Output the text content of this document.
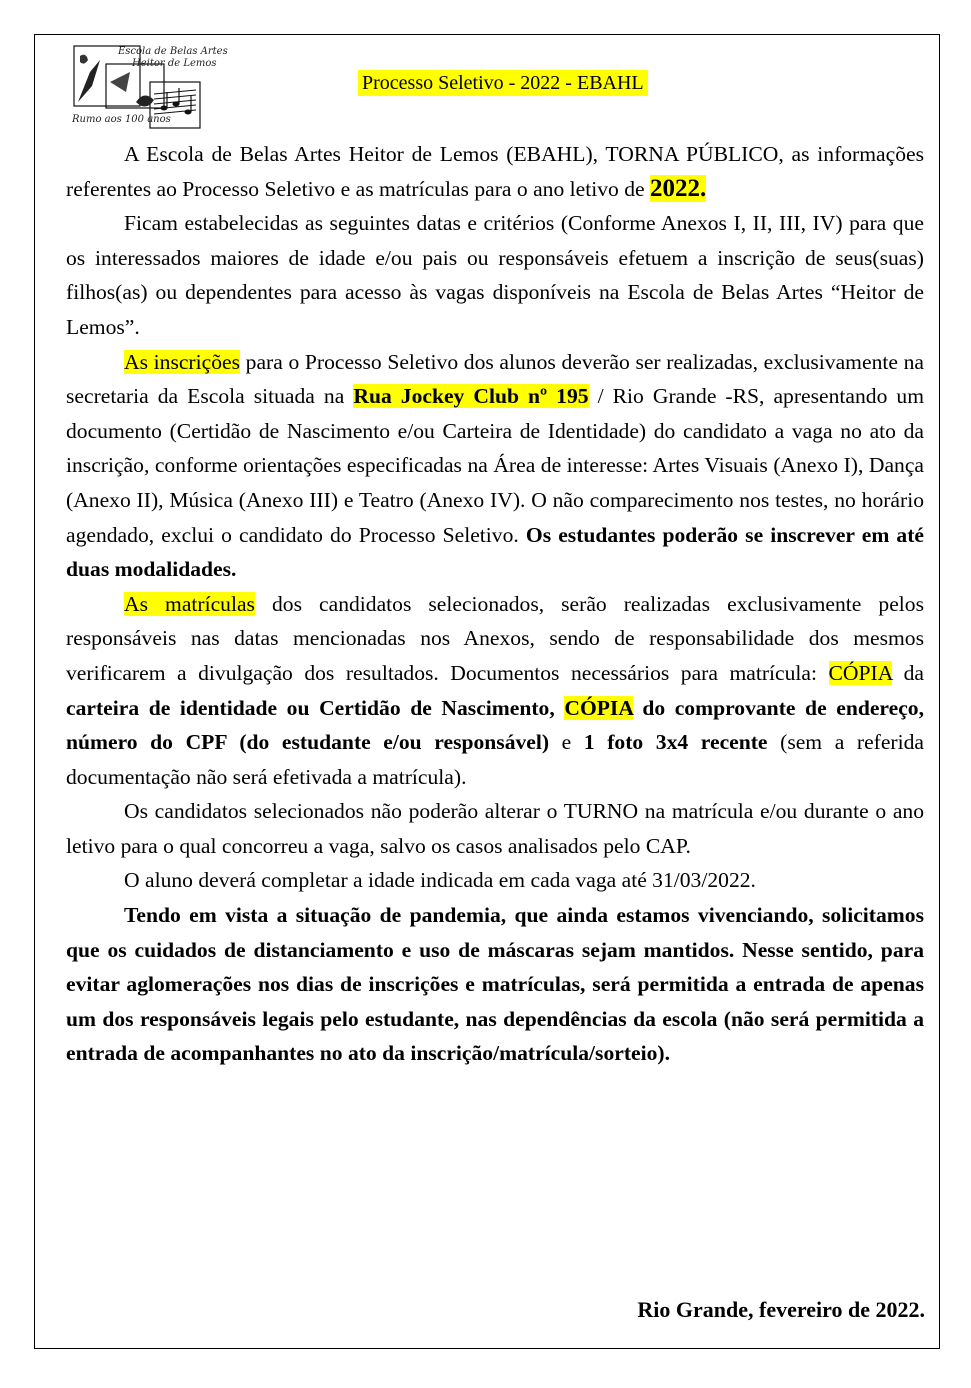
Escola de Belas Artes
Heitor de Lemos
Rumo aos 100 anos
Processo Seletivo - 2022 - EBAHL

A Escola de Belas Artes Heitor de Lemos (EBAHL), TORNA PÚBLICO, as informações referentes ao Processo Seletivo e as matrículas para o ano letivo de 2022.

Ficam estabelecidas as seguintes datas e critérios (Conforme Anexos I, II, III, IV) para que os interessados maiores de idade e/ou pais ou responsáveis efetuem a inscrição de seus(suas) filhos(as) ou dependentes para acesso às vagas disponíveis na Escola de Belas Artes “Heitor de Lemos”.

As inscrições para o Processo Seletivo dos alunos deverão ser realizadas, exclusivamente na secretaria da Escola situada na Rua Jockey Club nº 195 / Rio Grande -RS, apresentando um documento (Certidão de Nascimento e/ou Carteira de Identidade) do candidato a vaga no ato da inscrição, conforme orientações especificadas na Área de interesse: Artes Visuais (Anexo I), Dança (Anexo II), Música (Anexo III) e Teatro (Anexo IV). O não comparecimento nos testes, no horário agendado, exclui o candidato do Processo Seletivo. Os estudantes poderão se inscrever em até duas modalidades.

As matrículas dos candidatos selecionados, serão realizadas exclusivamente pelos responsáveis nas datas mencionadas nos Anexos, sendo de responsabilidade dos mesmos verificarem a divulgação dos resultados. Documentos necessários para matrícula: CÓPIA da carteira de identidade ou Certidão de Nascimento, CÓPIA do comprovante de endereço, número do CPF (do estudante e/ou responsável) e 1 foto 3x4 recente (sem a referida documentação não será efetivada a matrícula).

Os candidatos selecionados não poderão alterar o TURNO na matrícula e/ou durante o ano letivo para o qual concorreu a vaga, salvo os casos analisados pelo CAP.

O aluno deverá completar a idade indicada em cada vaga até 31/03/2022.

Tendo em vista a situação de pandemia, que ainda estamos vivenciando, solicitamos que os cuidados de distanciamento e uso de máscaras sejam mantidos. Nesse sentido, para evitar aglomerações nos dias de inscrições e matrículas, será permitida a entrada de apenas um dos responsáveis legais pelo estudante, nas dependências da escola (não será permitida a entrada de acompanhantes no ato da inscrição/matrícula/sorteio).

Rio Grande, fevereiro de 2022.
